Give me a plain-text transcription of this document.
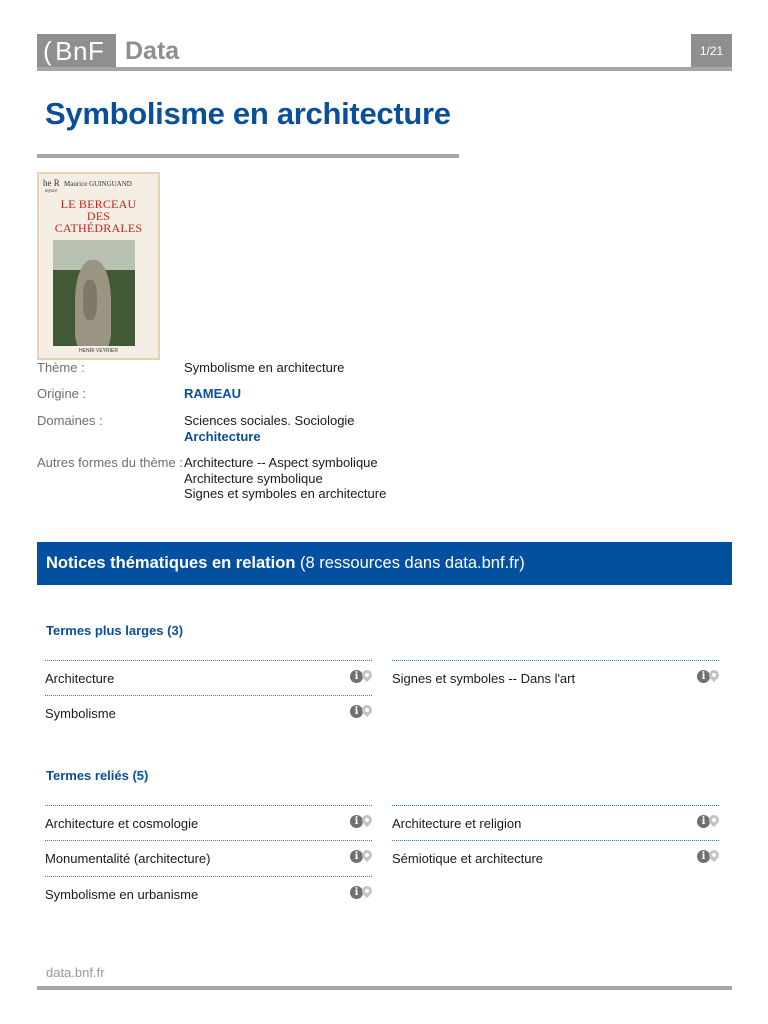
( BnF Data	1/21
Symbolisme en architecture
he R Maurice GUINGUAND
mysce
LE BERCEAU
DES
CATHÉDRALES
HENRI VEYRIER
Thème :	Symbolisme en architecture
Origine :	RAMEAU
Domaines :	Sciences sociales. Sociologie
Architecture
Autres formes du thème : Architecture -- Aspect symbolique
Architecture symbolique
Signes et symboles en architecture
Notices thématiques en relation (8 ressources dans data.bnf.fr)
Termes plus larges (3)
Architecture	i	Signes et symboles -- Dans l'art	i
Symbolisme	i
Termes reliés (5)
Architecture et cosmologie	i	Architecture et religion	i
Monumentalité (architecture)	i	Sémiotique et architecture	i
Symbolisme en urbanisme	i
data.bnf.fr
